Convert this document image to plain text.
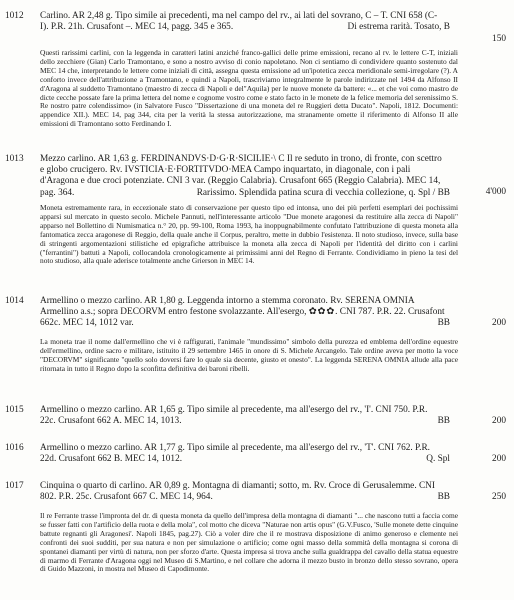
1012 Carlino. AR 2,48 g. Tipo simile ai precedenti, ma nel campo del rv., ai lati del sovrano, C – T. CNI 658 (C-
I). P.R. 21h. Crusafont –. MEC 14, pagg. 345 e 365.	Di estrema rarità. Tosato, B
150
Questi rarissimi carlini, con la leggenda in caratteri latini anziché franco-gallici delle prime emissioni, recano al rv. le lettere C-T, iniziali dello zecchiere (Gian) Carlo Tramontano, e sono a nostro avviso di conio napoletano. Non ci sentiamo di condividere quanto sostenuto dal MEC 14 che, interpretando le lettere come iniziali di città, assegna questa emissione ad un'ipotetica zecca meridionale semi-irregolare (?). A conforto invece dell'attribuzione a Tramontano, e quindi a Napoli, trascriviamo integralmente le parole indirizzate nel 1494 da Alfonso II d'Aragona al suddetto Tramontano (maestro di zecca di Napoli e del"Aquila) per le nuove monete da battere: «... et che voi como mastro de dicte cecche possate fare la prima lettera del nome e cognome vostro come e stato facto in le monete de la felice memoria del serenissimo S. Re nostro patre colendissimo» (in Salvatore Fusco "Dissertazione di una moneta del re Ruggieri detta Ducato". Napoli, 1812. Documenti: appendice XII.). MEC 14, pag 344, cita per la verità la stessa autorizzazione, ma stranamente omette il riferimento di Alfonso II alle emissioni di Tramontano sotto Ferdinando I.
1013 Mezzo carlino. AR 1,63 g. FERDINANDVS·D·G·R·SICILIE·\ C Il re seduto in trono, di fronte, con scettro
e globo crucigero. Rv. IVSTICIA·E·FORTITVDO·MEA Campo inquartato, in diagonale, con i pali
d'Aragona e due croci potenziate. CNI 3 var. (Reggio Calabria). Crusafont 665 (Reggio Calabria). MEC 14,
pag. 364.	Rarissimo. Splendida patina scura di vecchia collezione, q. Spl / BB	4'000
Moneta estremamente rara, in eccezionale stato di conservazione per questo tipo ed intonsa, uno dei più perfetti esemplari dei pochissimi apparsi sul mercato in questo secolo. Michele Pannuti, nell'interessante articolo "Due monete aragonesi da restituire alla zecca di Napoli" apparso nel Bollettino di Numismatica n.° 20, pp. 99-100, Roma 1993, ha inoppugnabilmente confutato l'attribuzione di questa moneta alla fantomatica zecca aragonese di Reggio, della quale anche il Corpus, peraltro, mette in dubbio l'esistenza. Il noto studioso, invece, sulla base di stringenti argomentazioni stilistiche ed epigrafiche attribuisce la moneta alla zecca di Napoli per l'identità del diritto con i carlini ("ferrantini") battuti a Napoli, collocandola cronologicamente ai primissimi anni del Regno di Ferrante. Condividiamo in pieno la tesi del noto studioso, alla quale aderisce totalmente anche Grierson in MEC 14.
1014 Armellino o mezzo carlino. AR 1,80 g. Leggenda intorno a stemma coronato. Rv. SERENA OMNIA
Armellino a.s.; sopra DECORVM entro festone svolazzante. All'esergo, ✿✿✿. CNI 787. P.R. 22. Crusafont
662c. MEC 14, 1012 var.	BB	200
La moneta trae il nome dall'ermellino che vi è raffigurati, l'animale "mundissimo" simbolo della purezza ed emblema dell'ordine equestre dell'ermellino, ordine sacro e militare, istituito il 29 settembre 1465 in onore di S. Michele Arcangelo. Tale ordine aveva per motto la voce "DECORVM" significante "quello solo doversi fare lo quale sia decente, giusto et onesto". La leggenda SERENA OMNIA allude alla pace ritornata in tutto il Regno dopo la sconfitta definitiva dei baroni ribelli.
1015 Armellino o mezzo carlino. AR 1,65 g. Tipo simile al precedente, ma all'esergo del rv., 'I'. CNI 750. P.R.
22c. Crusafont 662 A. MEC 14, 1013.	BB	200
1016 Armellino o mezzo carlino. AR 1,77 g. Tipo simile al precedente, ma all'esergo del rv., 'T'. CNI 762. P.R.
22d. Crusafont 662 B. MEC 14, 1012.	Q. Spl	200
1017 Cinquina o quarto di carlino. AR 0,89 g. Montagna di diamanti; sotto, m. Rv. Croce di Gerusalemme. CNI
802. P.R. 25c. Crusafont 667 C. MEC 14, 964.	BB	250
Il re Ferrante trasse l'impronta del dr. di questa moneta da quello dell'impresa della montagna di diamanti "... che nascono tutti a faccia come se fusser fatti con l'artificio della ruota e della mola", col motto che diceva "Naturae non artis opus" (G.V.Fusco, 'Sulle monete dette cinquine battute regnanti gli Aragonesi'. Napoli 1845, pag.27). Ciò a voler dire che il re mostrava disposizione di animo generoso e clemente nei confronti dei suoi sudditi, per sua natura e non per simulazione o artificio; come ogni masso della sommità della montagna si corona di spontanei diamanti per virtù di natura, non per sforzo d'arte. Questa impresa si trova anche sulla gualdrappa del cavallo della statua equestre di marmo di Ferrante d'Aragona oggi nel Museo di S.Martino, e nel collare che adorna il mezzo busto in bronzo dello stesso sovrano, opera di Guido Mazzoni, in mostra nel Museo di Capodimonte.
